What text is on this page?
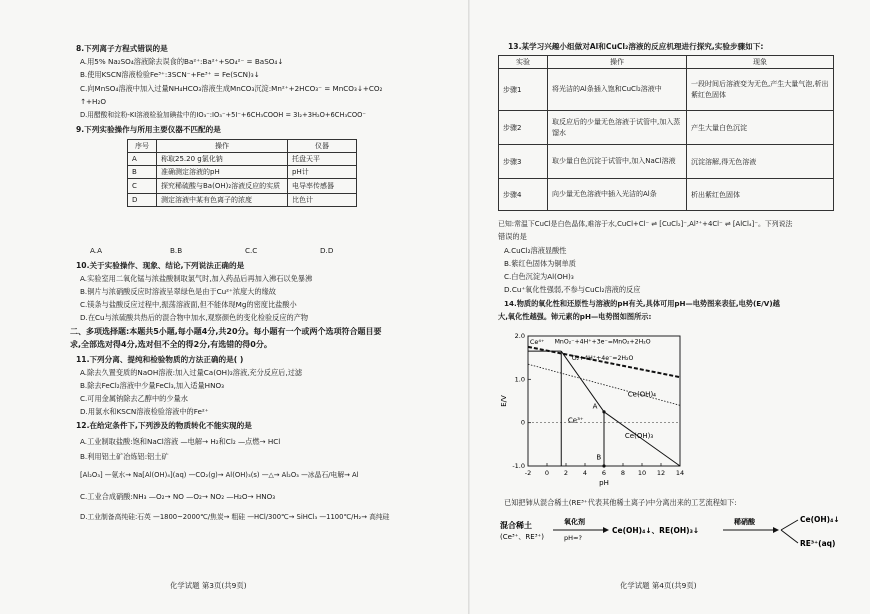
8.下列离子方程式错误的是
A.用5% Na₂SO₄溶液除去误食的Ba²⁺:Ba²⁺+SO₄²⁻ = BaSO₄↓
B.使用KSCN溶液检验Fe³⁺:3SCN⁻+Fe³⁺ = Fe(SCN)₃↓
C.向MnSO₄溶液中加入过量NH₄HCO₃溶液生成MnCO₃沉淀:Mn²⁺+2HCO₃⁻ = MnCO₃↓+CO₂
↑+H₂O
D.用醋酸和淀粉-KI溶液检验加碘盐中的IO₃⁻:IO₃⁻+5I⁻+6CH₃COOH = 3I₂+3H₂O+6CH₃COO⁻
9.下列实验操作与所用主要仪器不匹配的是
序号	操作	仪器
A	称取25.20 g氯化钠	托盘天平
B	准确测定溶液的pH	pH计
C	探究稀硫酸与Ba(OH)₂溶液反应的实质	电导率传感器
D	测定溶液中某有色离子的浓度	比色计
A.A	B.B	C.C	D.D
10.关于实验操作、现象、结论,下列说法正确的是
A.实验室用二氧化锰与浓盐酸制取氯气时,加入药品后再加入沸石以免暴沸
B.铜片与浓硝酸反应时溶液呈翠绿色是由于Cu²⁺浓度大的缘故
C.镁条与盐酸反应过程中,振荡溶液面,但不能体现Mg的密度比盐酸小
D.在Cu与浓硫酸共热后的混合物中加水,观察颜色的变化检验反应的产物
二、多项选择题:本题共5小题,每小题4分,共20分。每小题有一个或两个选项符合题目要
求,全部选对得4分,选对但不全的得2分,有选错的得0分。
11.下列分离、提纯和检验物质的方法正确的是( )
A.除去久置变质的NaOH溶液:加入过量Ca(OH)₂溶液,充分反应后,过滤
B.除去FeCl₂溶液中少量FeCl₃,加入适量HNO₃
C.可用金属钠除去乙醇中的少量水
D.用氯水和KSCN溶液检验溶液中的Fe²⁺
12.在给定条件下,下列涉及的物质转化不能实现的是
A.工业制取盐酸:饱和NaCl溶液 —电解→ H₂和Cl₂ —点燃→ HCl
B.利用铝土矿冶炼铝:铝土矿
[Al₂O₃] —氨水→ Na[Al(OH)₄](aq) —CO₂(g)→ Al(OH)₃(s) —△→ Al₂O₃ —冰晶石/电解→ Al
C.工业合成硝酸:NH₃ —O₂→ NO —O₂→ NO₂ —H₂O→ HNO₃
D.工业制备高纯硅:石英 —1800~2000℃/焦炭→ 粗硅 —HCl/300℃→ SiHCl₃ —1100℃/H₂→ 高纯硅
化学试题 第3页(共9页)
13.某学习兴趣小组做对Al和CuCl₂溶液的反应机理进行探究,实验步骤如下:
实验	操作	现象
步骤1	将光洁的Al条插入饱和CuCl₂溶液中	一段时间后溶液变为无色,产生大量气泡,析出紫红色固体
步骤2	取反应后的少量无色溶液于试管中,加入蒸馏水	产生大量白色沉淀
步骤3	取少量白色沉淀于试管中,加入NaCl溶液	沉淀溶解,得无色溶液
步骤4	向少量无色溶液中插入光洁的Al条	析出紫红色固体
已知:常温下CuCl是白色晶体,难溶于水,CuCl+Cl⁻ ⇌ [CuCl₂]⁻,Al³⁺+4Cl⁻ ⇌ [AlCl₄]⁻。下列说法
错误的是
A.CuCl₂溶液显酸性
B.紫红色固体为铜单质
C.白色沉淀为Al(OH)₃
D.Cu⁺氧化性强弱,不参与CuCl₂溶液的反应
14.物质的氧化性和还原性与溶液的pH有关,具体可用pH—电势图来表征,电势(E/V)越
大,氧化性越强。铈元素的pH—电势图如图所示:
-2 0 2 4 6 8 10 12 14
-1.0
0
1.0
2.0
pH
E/V
MnO₂⁻+4H⁺+3e⁻=MnO₂+2H₂O
O₂+4H⁺+4e⁻=2H₂O
Ce⁴⁺
Ce(OH)₄
Ce³⁺
Ce(OH)₃
A
B
已知把铈从混合稀土(RE³⁺代表其他稀土离子)中分离出来的工艺流程如下:
混合稀土
(Ce³⁺、RE³⁺)
氧化剂
pH≈?
Ce(OH)₄↓、RE(OH)₃↓
稀硝酸	Ce(OH)₄↓
RE³⁺(aq)
化学试题 第4页(共9页)
